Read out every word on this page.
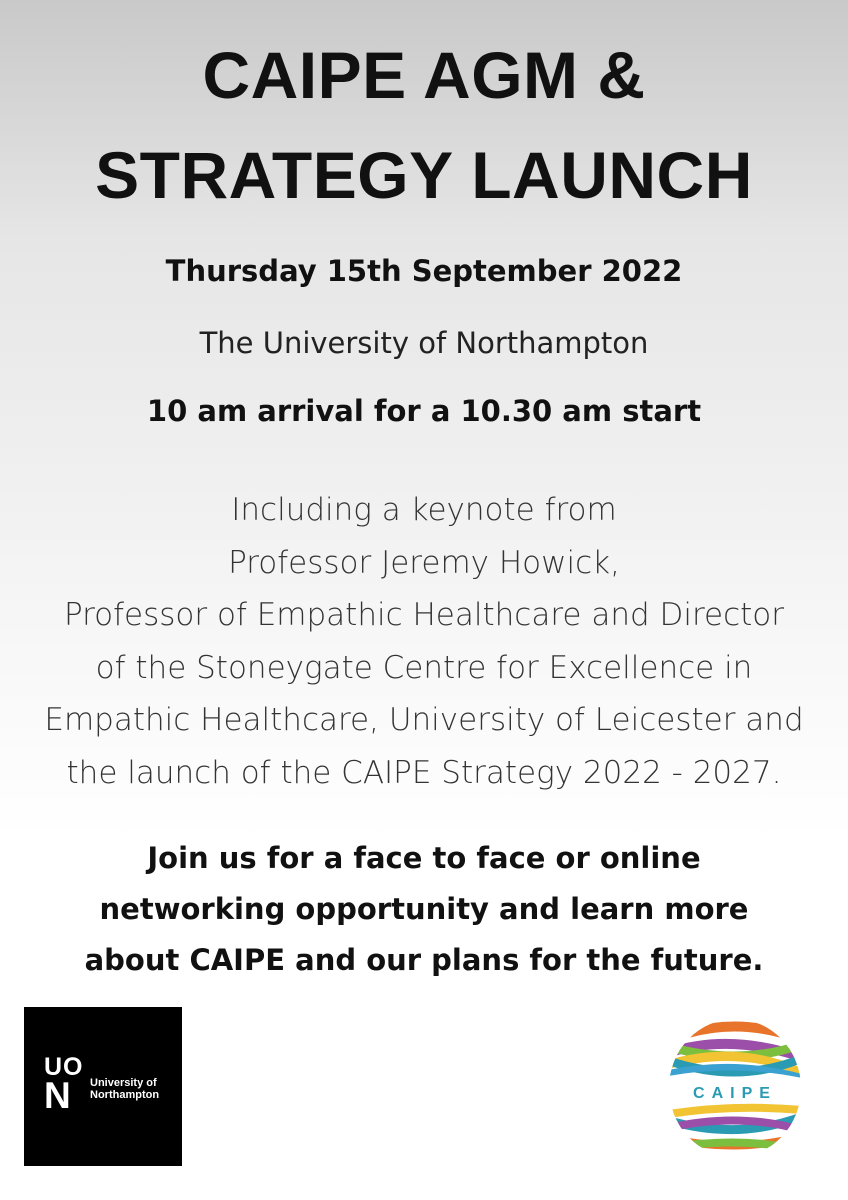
CAIPE AGM &
STRATEGY LAUNCH

Thursday 15th September 2022

The University of Northampton

10 am arrival for a 10.30 am start

Including a keynote from
Professor Jeremy Howick,
Professor of Empathic Healthcare and Director
of the Stoneygate Centre for Excellence in
Empathic Healthcare, University of Leicester and
the launch of the CAIPE Strategy 2022 - 2027.
Join us for a face to face or online
networking opportunity and learn more
about CAIPE and our plans for the future.
UO
N	University of
Northampton	CAIPE
